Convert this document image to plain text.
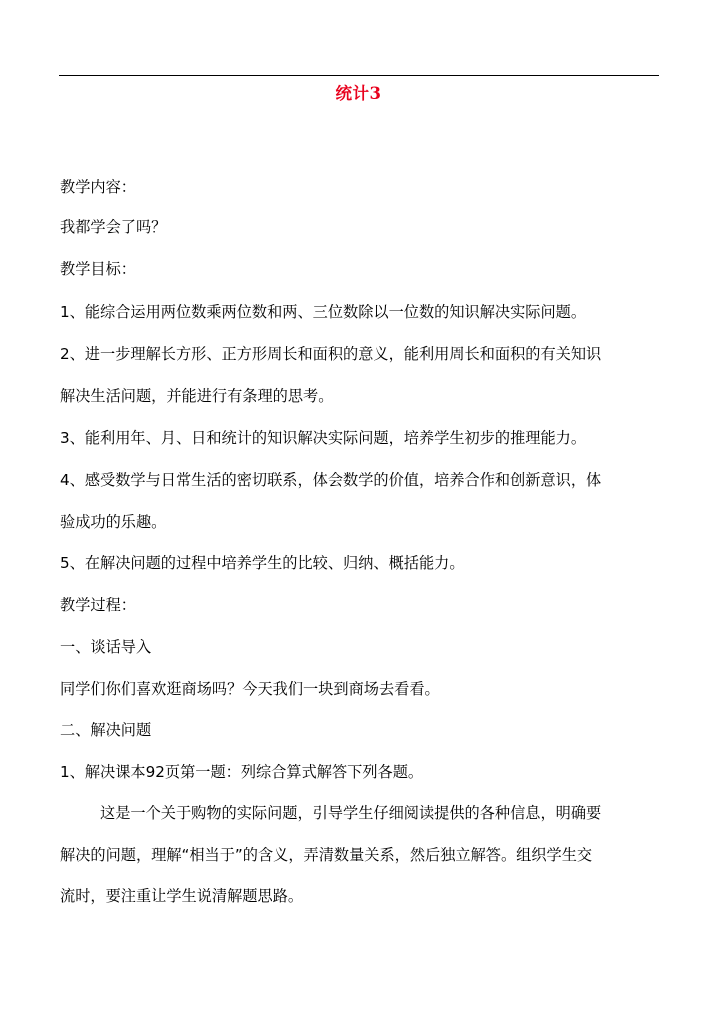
统计3
教学内容：
我都学会了吗？
教学目标：
1、能综合运用两位数乘两位数和两、三位数除以一位数的知识解决实际问题。
2、进一步理解长方形、正方形周长和面积的意义，能利用周长和面积的有关知识
解决生活问题，并能进行有条理的思考。
3、能利用年、月、日和统计的知识解决实际问题，培养学生初步的推理能力。
4、感受数学与日常生活的密切联系，体会数学的价值，培养合作和创新意识，体
验成功的乐趣。
5、在解决问题的过程中培养学生的比较、归纳、概括能力。
教学过程：
一、谈话导入
同学们你们喜欢逛商场吗？今天我们一块到商场去看看。
二、解决问题
1、解决课本92页第一题：列综合算式解答下列各题。
这是一个关于购物的实际问题，引导学生仔细阅读提供的各种信息，明确要
解决的问题，理解“相当于”的含义，弄清数量关系，然后独立解答。组织学生交
流时，要注重让学生说清解题思路。
